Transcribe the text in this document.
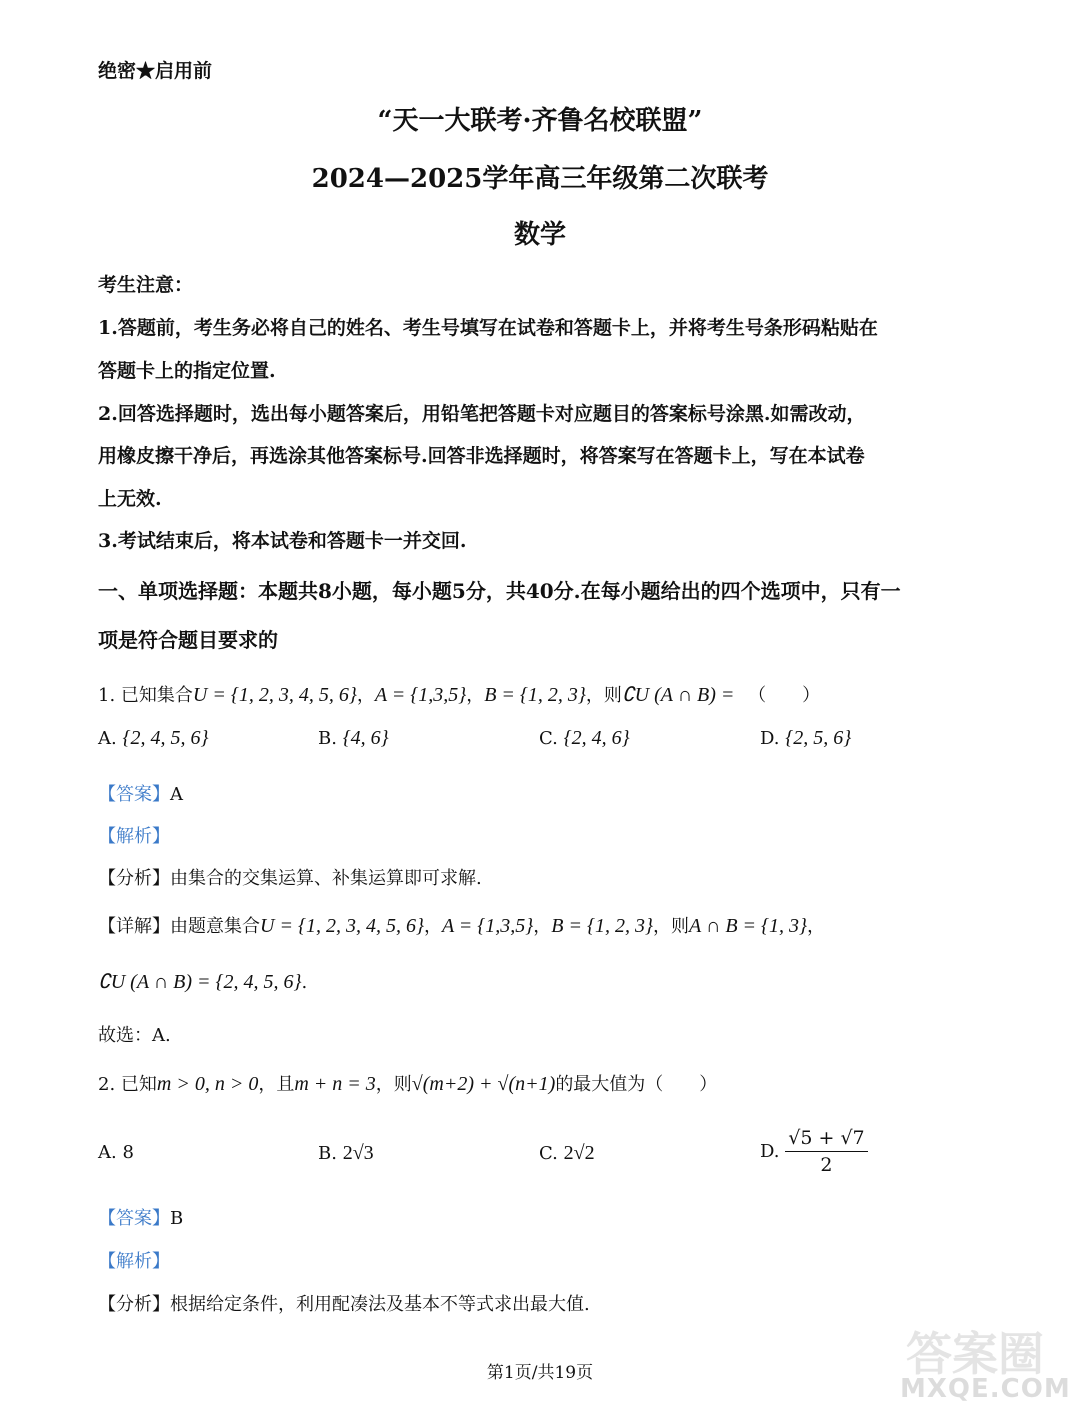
绝密★启用前
“天一大联考·齐鲁名校联盟”
2024—2025学年高三年级第二次联考
数学
考生注意：
1.答题前，考生务必将自己的姓名、考生号填写在试卷和答题卡上，并将考生号条形码粘贴在
答题卡上的指定位置.
2.回答选择题时，选出每小题答案后，用铅笔把答题卡对应题目的答案标号涂黑.如需改动，
用橡皮擦干净后，再选涂其他答案标号.回答非选择题时，将答案写在答题卡上，写在本试卷
上无效.
3.考试结束后，将本试卷和答题卡一并交回.
一、单项选择题：本题共8小题，每小题5分，共40分.在每小题给出的四个选项中，只有一
项是符合题目要求的
1. 已知集合U = {1, 2, 3, 4, 5, 6}，A = {1,3,5}，B = {1, 2, 3}，则∁U (A ∩ B) = （　　）
A. {2, 4, 5, 6}	B. {4, 6}	C. {2, 4, 6}	D. {2, 5, 6}
【答案】A
【解析】
【分析】由集合的交集运算、补集运算即可求解.
【详解】由题意集合U = {1, 2, 3, 4, 5, 6}，A = {1,3,5}，B = {1, 2, 3}，则A ∩ B = {1, 3}，
∁U (A ∩ B) = {2, 4, 5, 6}.
故选：A.
2. 已知m > 0, n > 0，且m + n = 3，则√(m+2) + √(n+1)的最大值为（　　）
A. 8	B. 2√3	C. 2√2	D. $\frac{√5 + √7}{2}$
【答案】B
【解析】
【分析】根据给定条件，利用配凑法及基本不等式求出最大值.
第1页/共19页	答案圈
MXQE.COM
